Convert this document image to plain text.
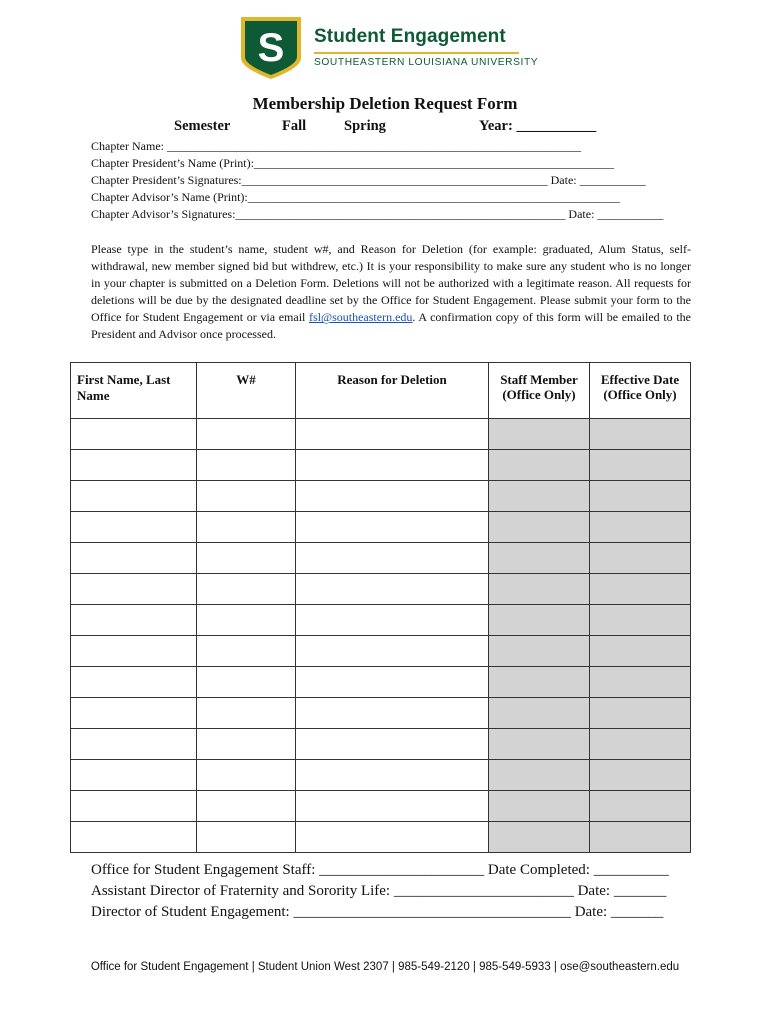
S Student Engagement
SOUTHEASTERN LOUISIANA UNIVERSITY
Membership Deletion Request Form
Semester	Fall	Spring	Year: ___________
Chapter Name: _____________________________________________________________________
Chapter President’s Name (Print):____________________________________________________________
Chapter President’s Signatures:___________________________________________________ Date: ___________
Chapter Advisor’s Name (Print):______________________________________________________________
Chapter Advisor’s Signatures:_______________________________________________________ Date: ___________
Please type in the student’s name, student w#, and Reason for Deletion (for example: graduated, Alum Status, self-withdrawal, new member signed bid but withdrew, etc.) It is your responsibility to make sure any student who is no longer in your chapter is submitted on a Deletion Form. Deletions will not be authorized with a legitimate reason. All requests for deletions will be due by the designated deadline set by the Office for Student Engagement. Please submit your form to the Office for Student Engagement or via email fsl@southeastern.edu. A confirmation copy of this form will be emailed to the President and Advisor once processed.
First Name, Last Name	W#	Reason for Deletion	Staff Member (Office Only)	Effective Date (Office Only)

Office for Student Engagement Staff: ______________________ Date Completed: __________
Assistant Director of Fraternity and Sorority Life: ________________________ Date: _______
Director of Student Engagement: _____________________________________ Date: _______
Office for Student Engagement | Student Union West 2307 | 985-549-2120 | 985-549-5933 | ose@southeastern.edu
